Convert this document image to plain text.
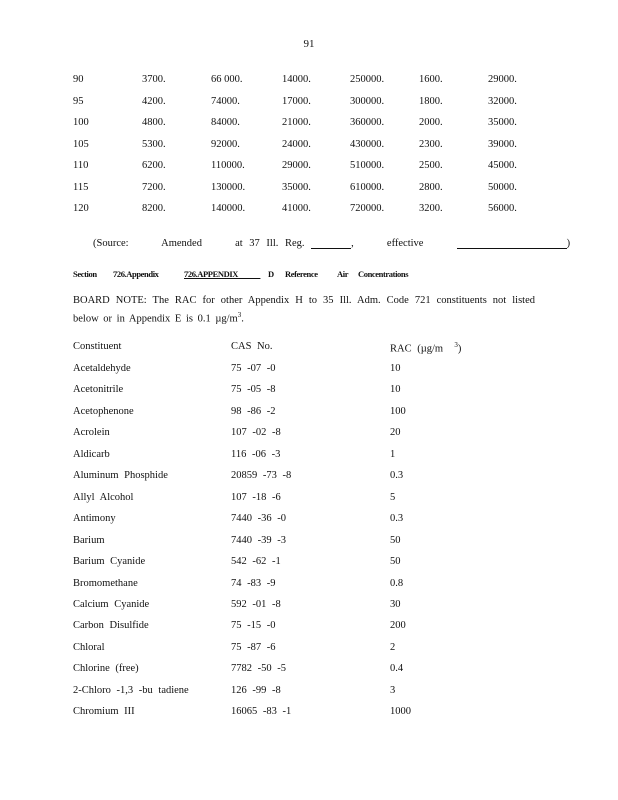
91
90	3700.	66 000.	14000.	250000.	1600.	29000.
95	4200.	74000.	17000.	300000.	1800.	32000.
100	4800.	84000.	21000.	360000.	2000.	35000.
105	5300.	92000.	24000.	430000.	2300.	39000.
110	6200.	110000.	29000.	510000.	2500.	45000.
115	7200.	130000.	35000.	610000.	2800.	50000.
120	8200.	140000.	41000.	720000.	3200.	56000.
(Source:	Amended	at 37 Ill. Reg.	,	effective	)
Section 726.Appendix	726.APPENDIX	D Reference Air Concentrations
BOARD NOTE: The RAC for other Appendix H to 35 Ill. Adm. Code 721 constituents not listed below or in Appendix E is 0.1 $\mu g/m^3$.
Constituent	CAS No.	RAC (µg/m $^3$)
Acetaldehyde	75 -07 -0	10
Acetonitrile	75 -05 -8	10
Acetophenone	98 -86 -2	100
Acrolein	107 -02 -8	20
Aldicarb	116 -06 -3	1
Aluminum Phosphide	20859 -73 -8	0.3
Allyl Alcohol	107 -18 -6	5
Antimony	7440 -36 -0	0.3
Barium	7440 -39 -3	50
Barium Cyanide	542 -62 -1	50
Bromomethane	74 -83 -9	0.8
Calcium Cyanide	592 -01 -8	30
Carbon Disulfide	75 -15 -0	200
Chloral	75 -87 -6	2
Chlorine (free)	7782 -50 -5	0.4
2-Chloro -1,3 -bu tadiene	126 -99 -8	3
Chromium III	16065 -83 -1	1000
